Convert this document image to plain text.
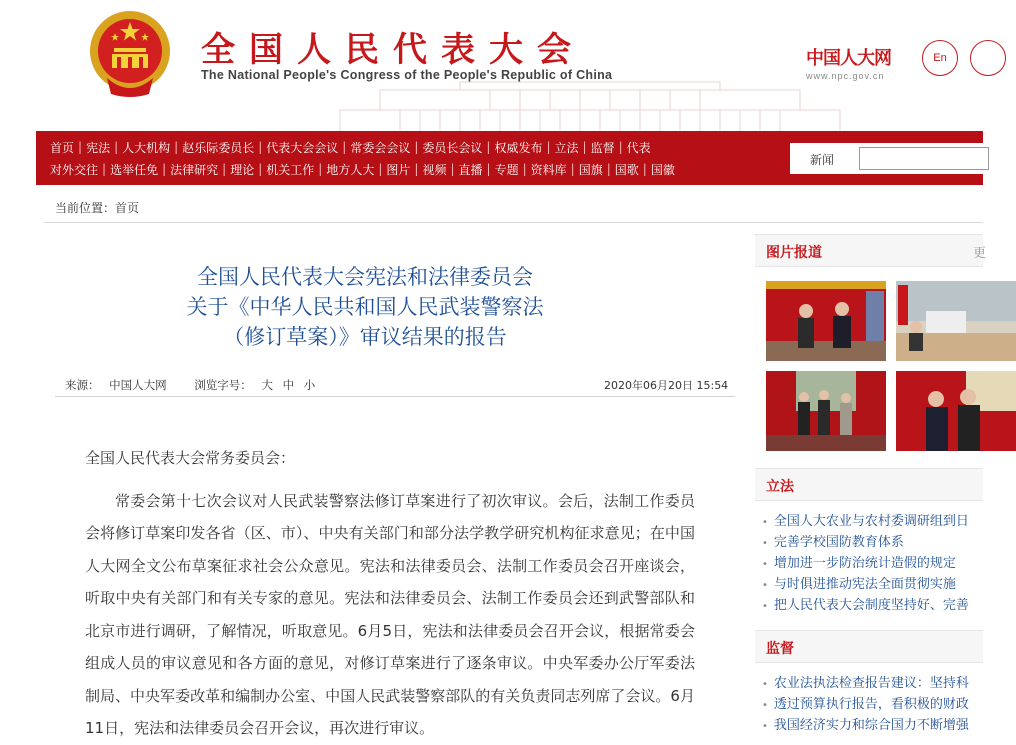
全国人民代表大会
The National People's Congress of the People's Republic of China
中国人大网
www.npc.gov.cn
En
首页 | 宪法 | 人大机构 | 赵乐际委员长 | 代表大会会议 | 常委会会议 | 委员长会议 | 权威发布 | 立法 | 监督 | 代表
对外交往 | 选举任免 | 法律研究 | 理论 | 机关工作 | 地方人大 | 图片 | 视频 | 直播 | 专题 | 资料库 | 国旗 | 国歌 | 国徽
新闻
当前位置：首页
全国人民代表大会宪法和法律委员会
关于《中华人民共和国人民武装警察法
（修订草案）》审议结果的报告
来源： 中国人大网 浏览字号： 大 中 小	2020年06月20日 15:54

全国人民代表大会常务委员会：

常委会第十七次会议对人民武装警察法修订草案进行了初次审议。会后，法制工作委员会将修订草案印发各省（区、市）、中央有关部门和部分法学教学研究机构征求意见；在中国人大网全文公布草案征求社会公众意见。宪法和法律委员会、法制工作委员会召开座谈会，听取中央有关部门和有关专家的意见。宪法和法律委员会、法制工作委员会还到武警部队和北京市进行调研，了解情况，听取意见。6月5日，宪法和法律委员会召开会议，根据常委会组成人员的审议意见和各方面的意见，对修订草案进行了逐条审议。中央军委办公厅军委法制局、中央军委改革和编制办公室、中国人民武装警察部队的有关负责同志列席了会议。6月11日，宪法和法律委员会召开会议，再次进行审议。

图片报道	更
立法
• 全国人大农业与农村委调研组到日
• 完善学校国防教育体系
• 增加进一步防治统计造假的规定
• 与时俱进推动宪法全面贯彻实施
• 把人民代表大会制度坚持好、完善
监督
• 农业法执法检查报告建议：坚持科
• 透过预算执行报告，看积极的财政
• 我国经济实力和综合国力不断增强
